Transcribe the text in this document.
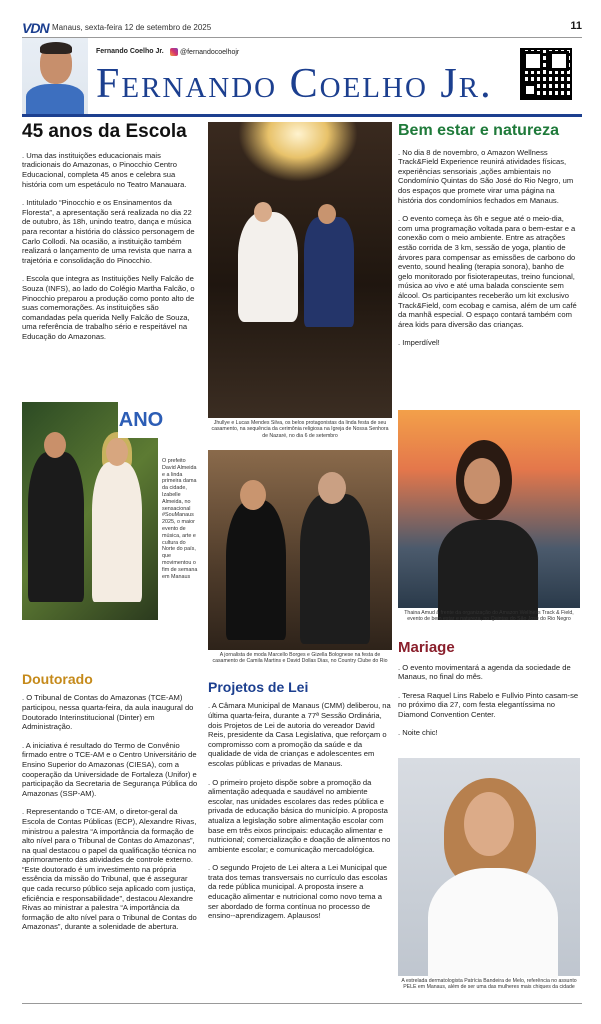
VDN Manaus, sexta-feira 12 de setembro de 2025	11
Fernando Coelho Jr.	@fernandocoelhojr
Fernando Coelho Jr.
45 anos da Escola

. Uma das instituições educacionais mais tradicionais do Amazonas, o Pinocchio Centro Educacional, completa 45 anos e celebra sua história com um espetáculo no Teatro Manauara.

. Intitulado “Pinocchio e os Ensinamentos da Floresta”, a apresentação será realizada no dia 22 de outubro, às 18h, unindo teatro, dança e música para recontar a história do clássico personagem de Carlo Collodi. Na ocasião, a instituição também realizará o lançamento de uma revista que narra a trajetória e consolidação do Pinocchio.

. Escola que integra as Instituições Nelly Falcão de Souza (INFS), ao lado do Colégio Martha Falcão, o Pinocchio preparou a produção como ponto alto de suas comemorações. As instituições são comandadas pela querida Nelly Falcão de Souza, uma referência de trabalho sério e respeitável na Educação do Amazonas.

ANO
O prefeito David Almeida e a linda primeira dama da cidade, Izabelle Almeida, no sensacional #SouManaus 2025, o maior evento de música, arte e cultura do Norte do país, que movimentou o fim de semana em Manaus
Doutorado

. O Tribunal de Contas do Amazonas (TCE-AM) participou, nessa quarta-feira, da aula inaugural do Doutorado Interinstitucional (Dinter) em Administração.

. A iniciativa é resultado do Termo de Convênio firmado entre o TCE-AM e o Centro Universitário de Ensino Superior do Amazonas (CIESA), com a cooperação da Universidade de Fortaleza (Unifor) e participação da Secretaria de Segurança Pública do Amazonas (SSP-AM).

. Representando o TCE-AM, o diretor-geral da Escola de Contas Públicas (ECP), Alexandre Rivas, ministrou a palestra “A importância da formação de alto nível para o Tribunal de Contas do Amazonas”, na qual destacou o papel da qualificação técnica no aprimoramento das atividades de controle externo. “Este doutorado é um investimento na própria essência da missão do Tribunal, que é assegurar que cada recurso público seja aplicado com justiça, eficiência e responsabilidade”, destacou Alexandre Rivas ao ministrar a palestra “A importância da formação de alto nível para o Tribunal de Contas do Amazonas”, durante a solenidade de abertura.

Jhullye e Lucas Mendes Silva, os belos protagonistas da linda festa de seu casamento, na sequência da cerimônia religiosa na Igreja de Nossa Senhora de Nazaré, no dia 6 de setembro
A jornalista de moda Marcello Borges e Gizella Bolognese na festa de casamento de Camila Martins e David Dollas Dias, no Country Clube do Rio
Projetos de Lei

. A Câmara Municipal de Manaus (CMM) deliberou, na última quarta-feira, durante a 77ª Sessão Ordinária, dois Projetos de Lei de autoria do vereador David Reis, presidente da Casa Legislativa, que reforçam o compromisso com a promoção da saúde e da qualidade de vida de crianças e adolescentes em escolas públicas e privadas de Manaus.

. O primeiro projeto dispõe sobre a promoção da alimentação adequada e saudável no ambiente escolar, nas unidades escolares das redes pública e privada de educação básica do município. A proposta atualiza a legislação sobre alimentação escolar com base em três eixos principais: educação alimentar e nutricional; comercialização e doação de alimentos no ambiente escolar; e comunicação mercadológica.

. O segundo Projeto de Lei altera a Lei Municipal que trata dos temas transversais no currículo das escolas da rede pública municipal. A proposta insere a educação alimentar e nutricional como novo tema a ser abordado de forma contínua no processo de ensino--aprendizagem. Aplausos!

Bem estar e natureza

. No dia 8 de novembro, o Amazon Wellness Track&Field Experience reunirá atividades físicas, experiências sensoriais ,ações ambientais no Condomínio Quintas do São José do Rio Negro, um dos espaços que promete virar uma página na história dos condomínios fechados em Manaus.

. O evento começa às 6h e segue até o meio-dia, com uma programação voltada para o bem-estar e a conexão com o meio ambiente. Entre as atrações estão corrida de 3 km, sessão de yoga, plantio de árvores para compensar as emissões de carbono do evento, sound healing (terapia sonora), banho de gelo monitorado por fisioterapeutas, treino funcional, música ao vivo e até uma balada consciente sem álcool. Os participantes receberão um kit exclusivo Track&Field, com ecobag e camisa, além de um café da manhã especial. O espaço contará também com área kids para diversão das crianças.

. Imperdível!

Thaina Amud à frente da organização do Amazon Wellness Track & Field, evento de bem estar e natureza, no Quintas do São José do Rio Negro
Mariage

. O evento movimentará a agenda da sociedade de Manaus, no final do mês.

. Teresa Raquel Lins Rabelo e Fullvio Pinto casam-se no próximo dia 27, com festa elegantíssima no Diamond Convention Center.

. Noite chic!

A estrelada dermatologista Patrícia Bandeira de Melo, referência no assunto PELE em Manaus, além de ser uma das mulheres mais chiques da cidade
